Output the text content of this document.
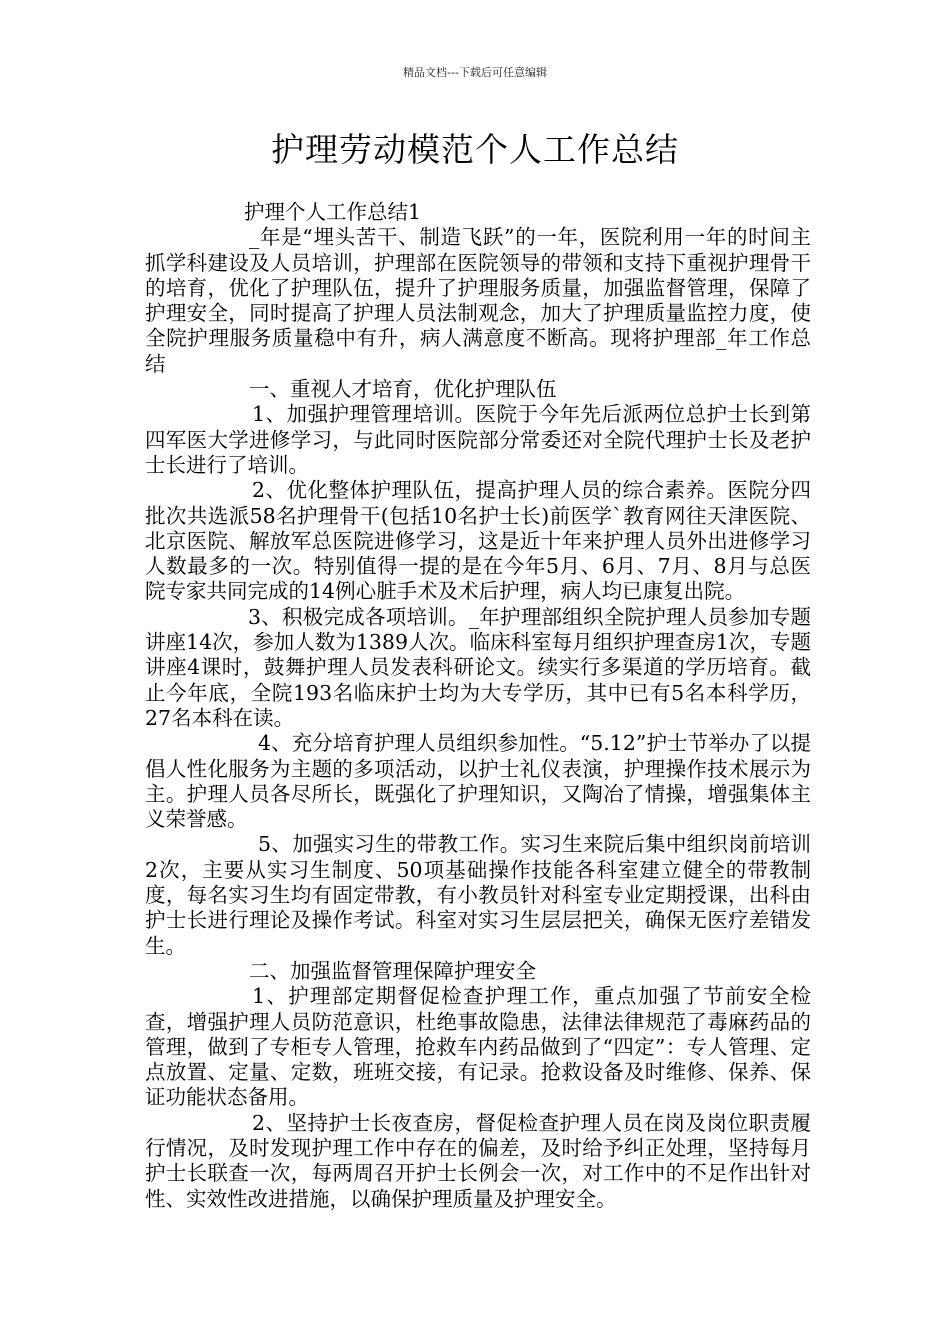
精品文档---下载后可任意编辑
护理劳动模范个人工作总结

护理个人工作总结1

_年是“埋头苦干、制造飞跃”的一年，医院利用一年的时间主抓学科建设及人员培训，护理部在医院领导的带领和支持下重视护理骨干的培育，优化了护理队伍，提升了护理服务质量，加强监督管理，保障了护理安全，同时提高了护理人员法制观念，加大了护理质量监控力度，使全院护理服务质量稳中有升，病人满意度不断高。现将护理部_年工作总结

一、重视人才培育，优化护理队伍

1、加强护理管理培训。医院于今年先后派两位总护士长到第四军医大学进修学习，与此同时医院部分常委还对全院代理护士长及老护士长进行了培训。

2、优化整体护理队伍，提高护理人员的综合素养。医院分四批次共选派58名护理骨干(包括10名护士长)前医学`教育网往天津医院、北京医院、解放军总医院进修学习，这是近十年来护理人员外出进修学习人数最多的一次。特别值得一提的是在今年5月、6月、7月、8月与总医院专家共同完成的14例心脏手术及术后护理，病人均已康复出院。

3、积极完成各项培训。_年护理部组织全院护理人员参加专题讲座14次，参加人数为1389人次。临床科室每月组织护理查房1次，专题讲座4课时，鼓舞护理人员发表科研论文。续实行多渠道的学历培育。截止今年底，全院193名临床护士均为大专学历，其中已有5名本科学历，27名本科在读。

4、充分培育护理人员组织参加性。“5.12”护士节举办了以提倡人性化服务为主题的多项活动，以护士礼仪表演，护理操作技术展示为主。护理人员各尽所长，既强化了护理知识，又陶冶了情操，增强集体主义荣誉感。

5、加强实习生的带教工作。实习生来院后集中组织岗前培训2次，主要从实习生制度、50项基础操作技能各科室建立健全的带教制度，每名实习生均有固定带教，有小教员针对科室专业定期授课，出科由护士长进行理论及操作考试。科室对实习生层层把关，确保无医疗差错发生。

二、加强监督管理保障护理安全

1、护理部定期督促检查护理工作，重点加强了节前安全检查，增强护理人员防范意识，杜绝事故隐患，法律法律规范了毒麻药品的管理，做到了专柜专人管理，抢救车内药品做到了“四定”：专人管理、定点放置、定量、定数，班班交接，有记录。抢救设备及时维修、保养、保证功能状态备用。

2、坚持护士长夜查房，督促检查护理人员在岗及岗位职责履行情况，及时发现护理工作中存在的偏差，及时给予纠正处理，坚持每月护士长联查一次，每两周召开护士长例会一次，对工作中的不足作出针对性、实效性改进措施，以确保护理质量及护理安全。
